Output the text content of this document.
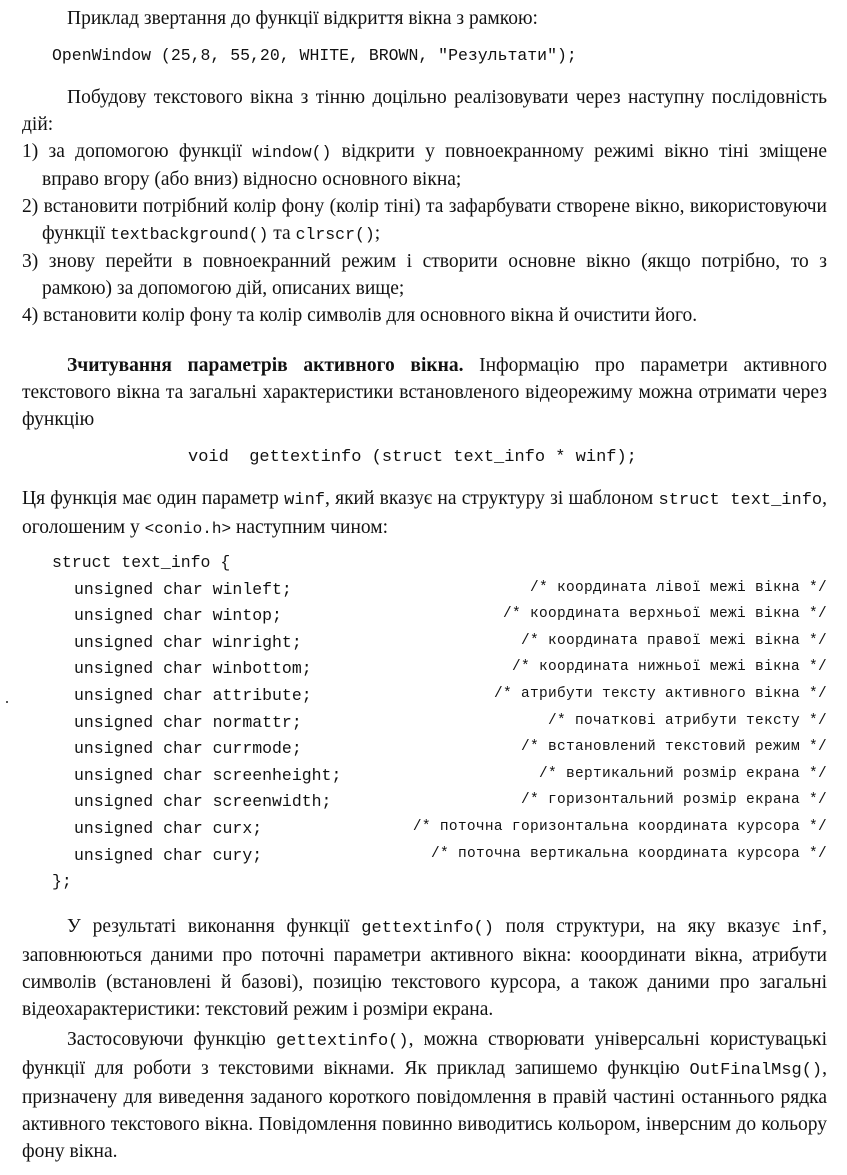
Приклад звертання до функції відкриття вікна з рамкою:
OpenWindow (25,8, 55,20, WHITE, BROWN, "Результати");

Побудову текстового вікна з тінню доцільно реалізовувати через наступну послідовність дій:

1) за допомогою функції window() відкрити у повноекранному режимі вікно тіні зміщене вправо вгору (або вниз) відносно основного вікна;
2) встановити потрібний колір фону (колір тіні) та зафарбувати створене вікно, використовуючи функції textbackground() та clrscr();
3) знову перейти в повноекранний режим і створити основне вікно (якщо потрібно, то з рамкою) за допомогою дій, описаних вище;
4) встановити колір фону та колір символів для основного вікна й очистити його.

Зчитування параметрів активного вікна. Інформацію про параметри активного текстового вікна та загальні характеристики встановленого відеорежиму можна отримати через функцію

void  gettextinfo (struct text_info * winf);

Ця функція має один параметр winf, який вказує на структуру зі шаблоном struct text_info, оголошеним у <conio.h> наступним чином:

struct text_info {
unsigned char winleft;	/* координата лівої межі вікна */
unsigned char wintop;	/* координата верхньої межі вікна */
unsigned char winright;	/* координата правої межі вікна */
unsigned char winbottom;	/* координата нижньої межі вікна */
unsigned char attribute;	/* атрибути тексту активного вікна */
unsigned char normattr;	/* початкові атрибути тексту */
unsigned char currmode;	/* встановлений текстовий режим */
unsigned char screenheight;	/* вертикальний розмір екрана */
unsigned char screenwidth;	/* горизонтальний розмір екрана */
unsigned char curx;	/* поточна горизонтальна координата курсора */
unsigned char cury;	/* поточна вертикальна координата курсора */
};

У результаті виконання функції gettextinfo() поля структури, на яку вказує inf, заповнюються даними про поточні параметри активного вікна: кооординати вікна, атрибути символів (встановлені й базові), позицію текстового курсора, а також даними про загальні відеохарактеристики: текстовий режим і розміри екрана.

Застосовуючи функцію gettextinfo(), можна створювати універсальні користувацькі функції для роботи з текстовими вікнами. Як приклад запишемо функцію OutFinalMsg(), призначену для виведення заданого короткого повідомлення в правій частині останнього рядка активного текстового вікна. Повідомлення повинно виводитись кольором, інверсним до кольору фону вікна.
